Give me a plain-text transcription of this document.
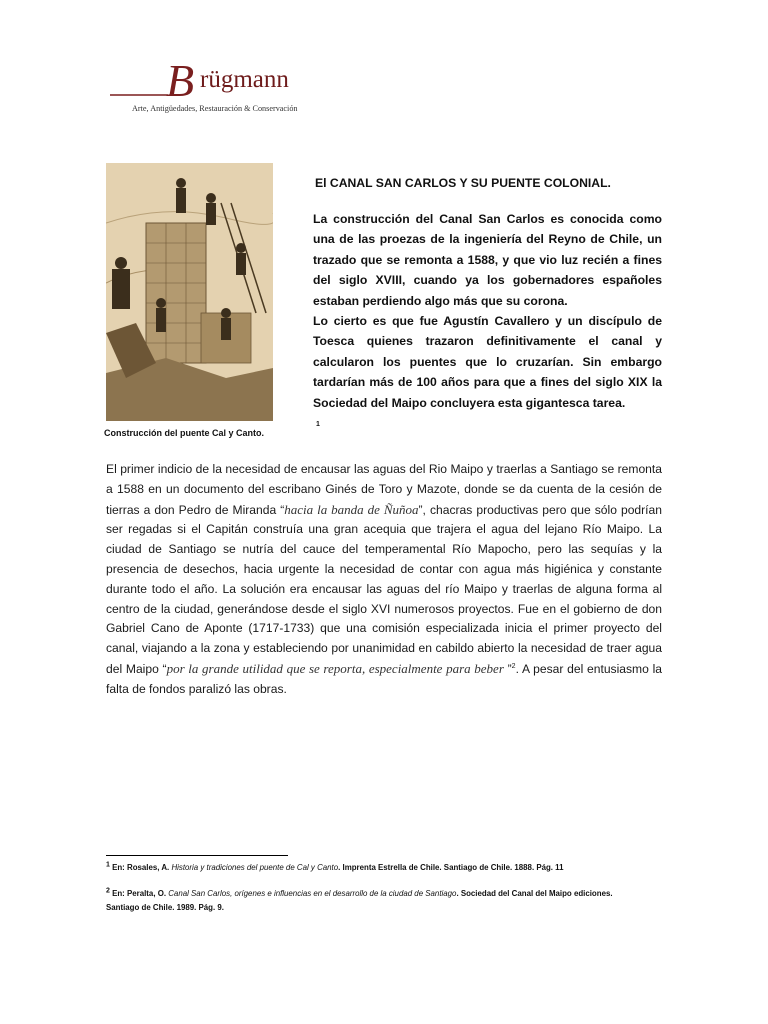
B rügmann
Arte, Antigüedades, Restauración & Conservación
Construcción del puente Cal y Canto.
El CANAL SAN CARLOS Y SU PUENTE COLONIAL.

La construcción del Canal San Carlos es conocida como una de las proezas de la ingeniería del Reyno de Chile, un trazado que se remonta a 1588, y que vio luz recién a fines del siglo XVIII, cuando ya los gobernadores españoles estaban perdiendo algo más que su corona.

Lo cierto es que fue Agustín Cavallero y un discípulo de Toesca quienes trazaron definitivamente el canal y calcularon los puentes que lo cruzarían. Sin embargo tardarían más de 100 años para que a fines del siglo XIX la Sociedad del Maipo concluyera esta gigantesca tarea.

1

El primer indicio de la necesidad de encausar las aguas del Rio Maipo y traerlas a Santiago se remonta a 1588 en un documento del escribano Ginés de Toro y Mazote, donde se da cuenta de la cesión de tierras a don Pedro de Miranda “hacia la banda de Ñuñoa”, chacras productivas pero que sólo podrían ser regadas si el Capitán construía una gran acequia que trajera el agua del lejano Río Maipo. La ciudad de Santiago se nutría del cauce del temperamental Río Mapocho, pero las sequías y la presencia de desechos, hacia urgente la necesidad de contar con agua más higiénica y constante durante todo el año. La solución era encausar las aguas del río Maipo y traerlas de alguna forma al centro de la ciudad, generándose desde el siglo XVI numerosos proyectos. Fue en el gobierno de don Gabriel Cano de Aponte (1717-1733) que una comisión especializada inicia el primer proyecto del canal, viajando a la zona y estableciendo por unanimidad en cabildo abierto la necesidad de traer agua del Maipo “por la grande utilidad que se reporta, especialmente para beber ”$^2$. A pesar del entusiasmo la falta de fondos paralizó las obras.

$^1$ En: Rosales, A. Historia y tradiciones del puente de Cal y Canto. Imprenta Estrella de Chile. Santiago de Chile. 1888. Pág. 11
$^2$ En: Peralta, O. Canal San Carlos, orígenes e influencias en el desarrollo de la ciudad de Santiago. Sociedad del Canal del Maipo ediciones. Santiago de Chile. 1989. Pág. 9.
